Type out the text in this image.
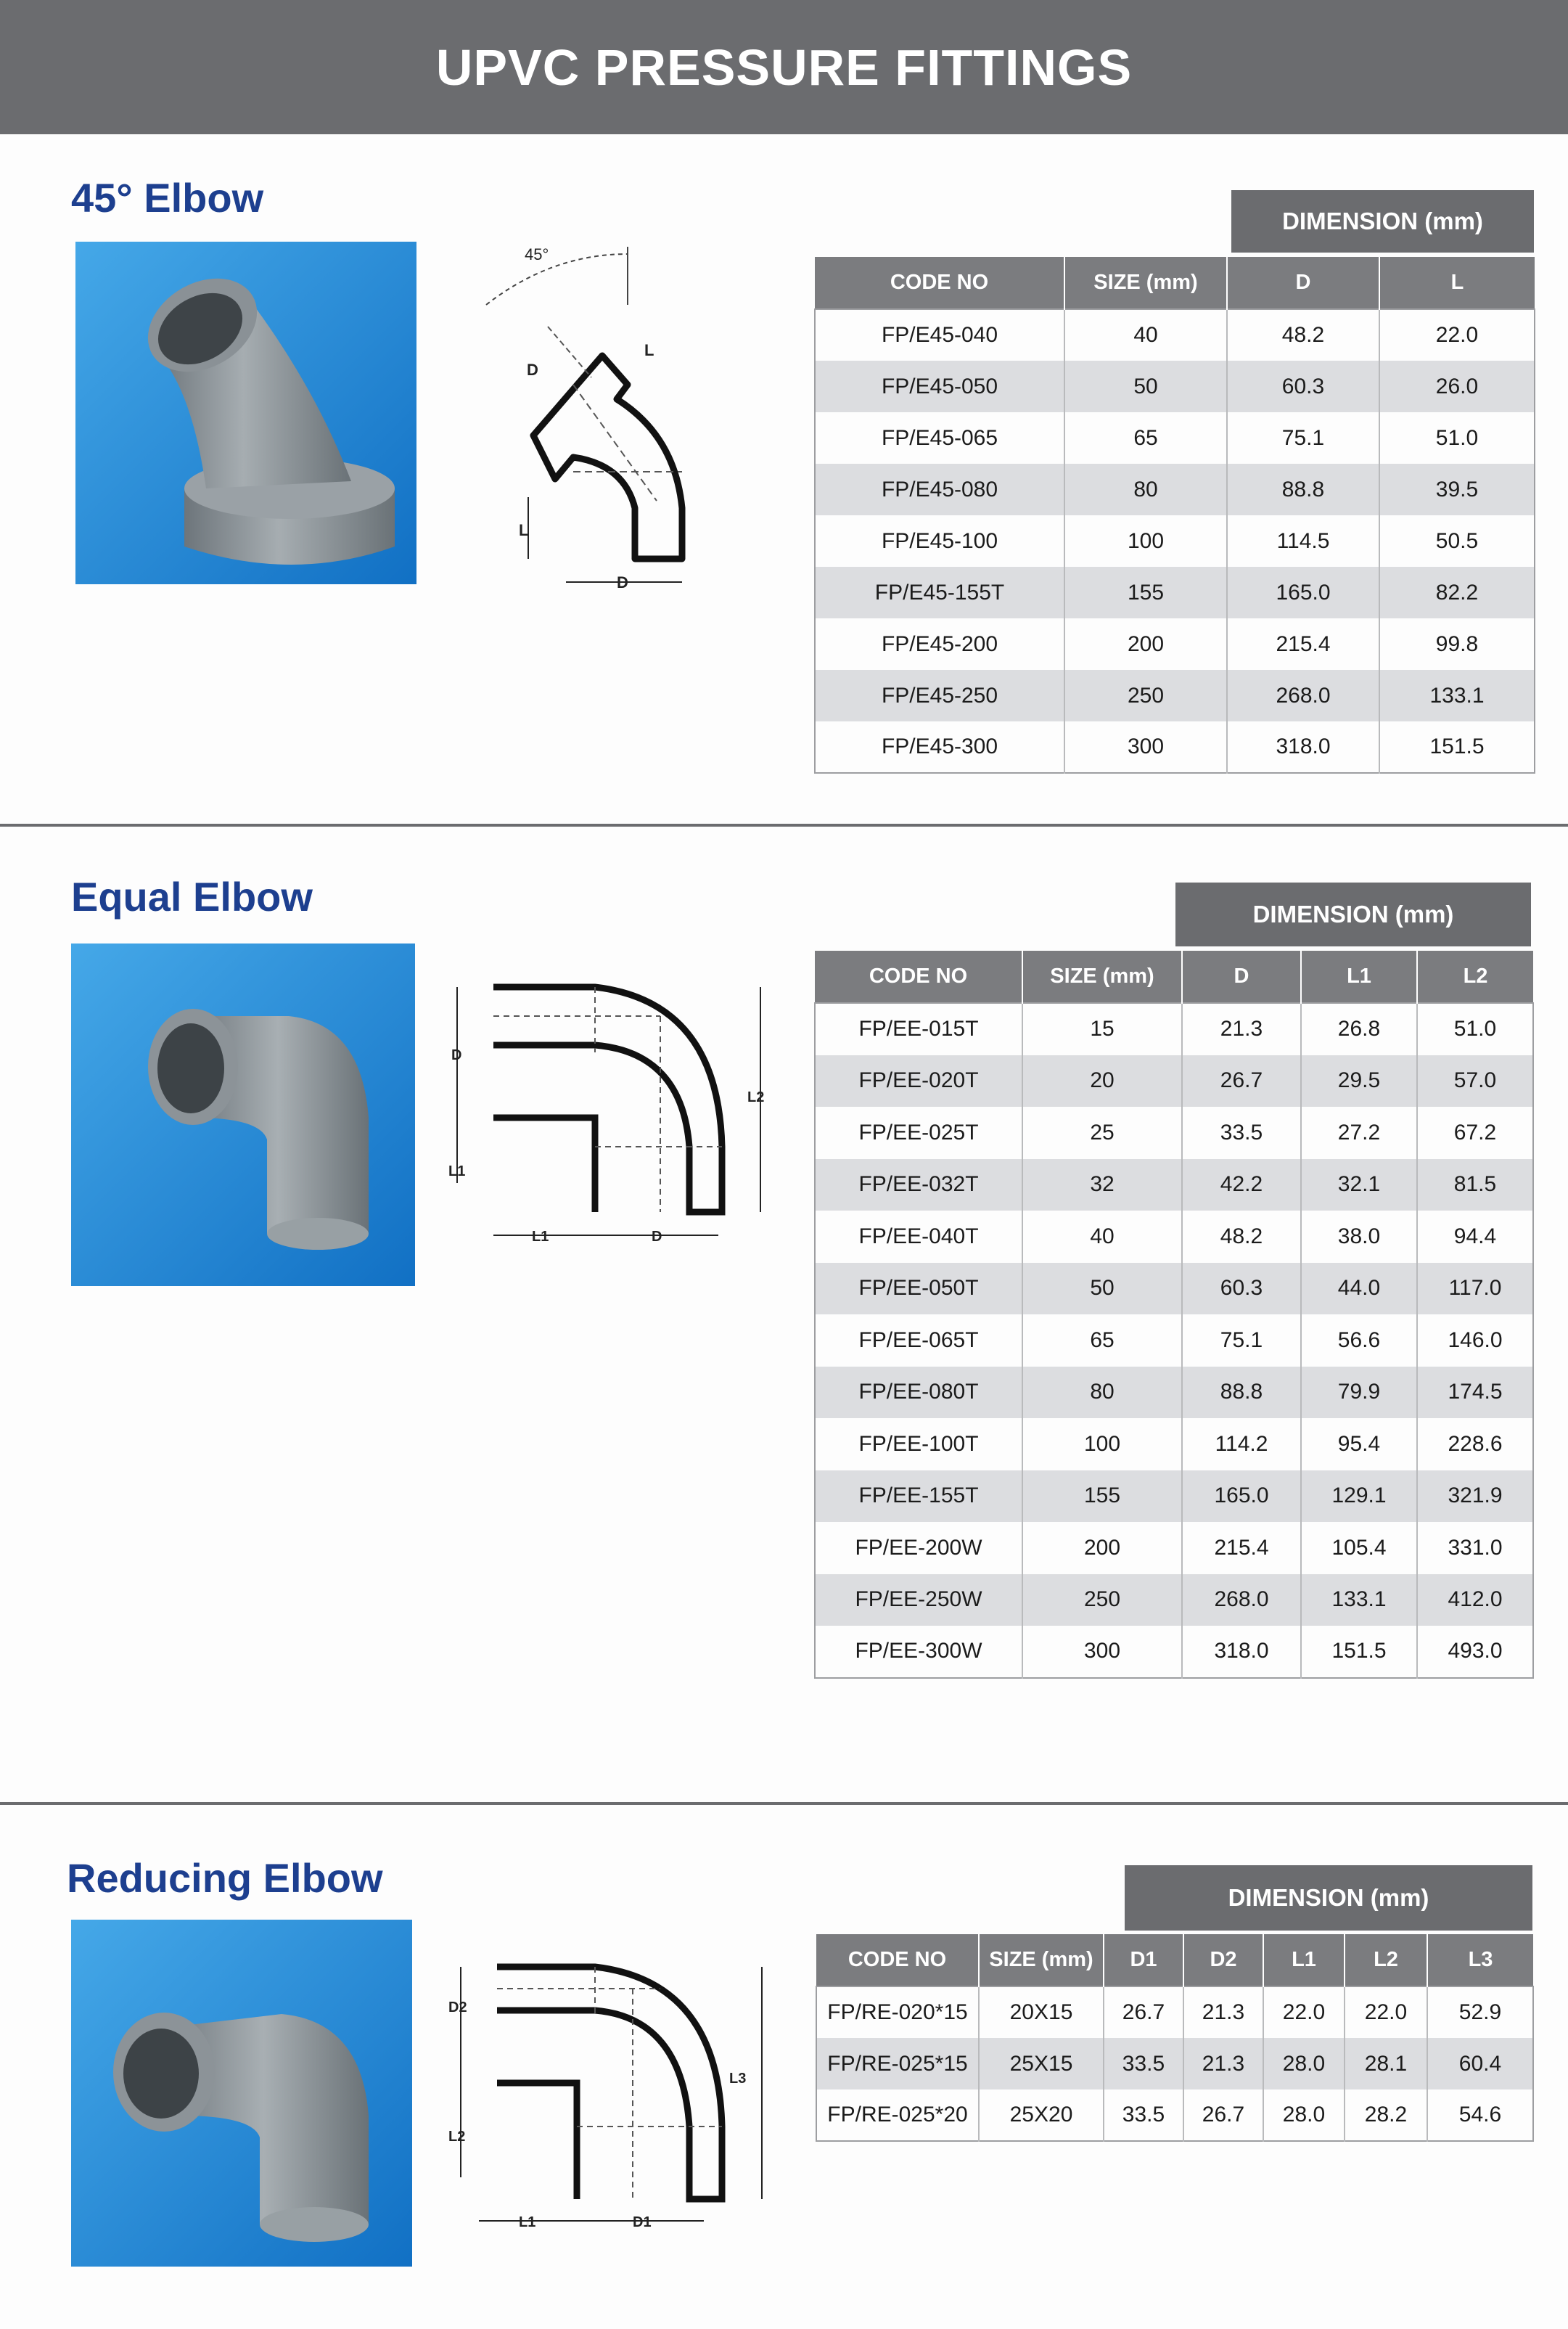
UPVC PRESSURE FITTINGS
45° Elbow
45°
D
L
L
D
DIMENSION (mm)
CODE NO	SIZE (mm)	D	L
FP/E45-040	40	48.2	22.0
FP/E45-050	50	60.3	26.0
FP/E45-065	65	75.1	51.0
FP/E45-080	80	88.8	39.5
FP/E45-100	100	114.5	50.5
FP/E45-155T	155	165.0	82.2
FP/E45-200	200	215.4	99.8
FP/E45-250	250	268.0	133.1
FP/E45-300	300	318.0	151.5
Equal Elbow
D
L1
L2
L1	D
DIMENSION (mm)
CODE NO	SIZE (mm)	D	L1	L2
FP/EE-015T	15	21.3	26.8	51.0
FP/EE-020T	20	26.7	29.5	57.0
FP/EE-025T	25	33.5	27.2	67.2
FP/EE-032T	32	42.2	32.1	81.5
FP/EE-040T	40	48.2	38.0	94.4
FP/EE-050T	50	60.3	44.0	117.0
FP/EE-065T	65	75.1	56.6	146.0
FP/EE-080T	80	88.8	79.9	174.5
FP/EE-100T	100	114.2	95.4	228.6
FP/EE-155T	155	165.0	129.1	321.9
FP/EE-200W	200	215.4	105.4	331.0
FP/EE-250W	250	268.0	133.1	412.0
FP/EE-300W	300	318.0	151.5	493.0
Reducing Elbow
D2
L2
L3
L1	D1
DIMENSION (mm)
CODE NO	SIZE (mm)	D1	D2	L1	L2	L3
FP/RE-020*15	20X15	26.7	21.3	22.0	22.0	52.9
FP/RE-025*15	25X15	33.5	21.3	28.0	28.1	60.4
FP/RE-025*20	25X20	33.5	26.7	28.0	28.2	54.6
